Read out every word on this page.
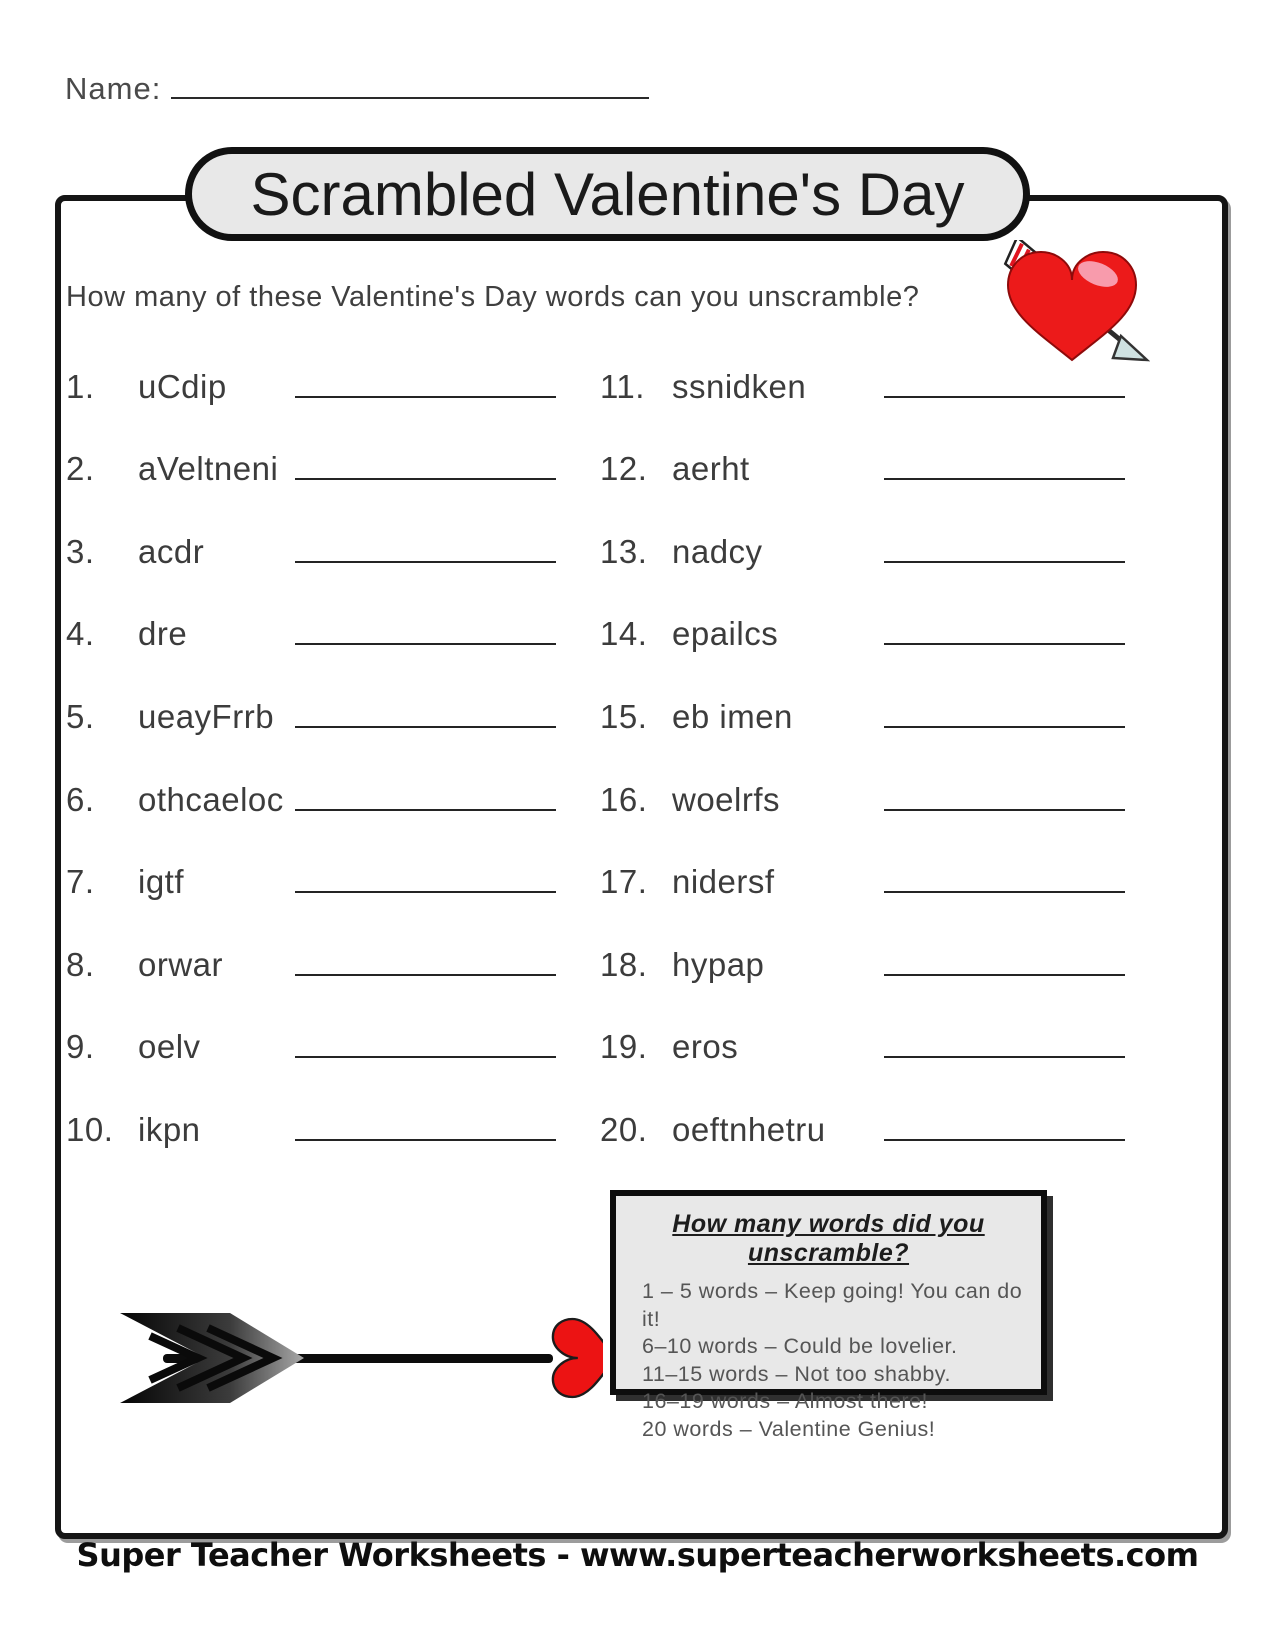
Name:
Scrambled Valentine's Day
How many of these Valentine's Day words can you unscramble?
1.	uCdip
2.	aVeltneni
3.	acdr
4.	dre
5.	ueayFrrb
6.	othcaeloc
7.	igtf
8.	orwar
9.	oelv
10. ikpn
11. ssnidken
12. aerht
13. nadcy
14. epailcs
15. eb imen
16. woelrfs
17. nidersf
18. hypap
19. eros
20. oeftnhetru
How many words did you unscramble?
1 – 5 words – Keep going! You can do it!
6–10 words – Could be lovelier.
11–15 words – Not too shabby.
16–19 words – Almost there!
20 words – Valentine Genius!
Super Teacher Worksheets - www.superteacherworksheets.com
